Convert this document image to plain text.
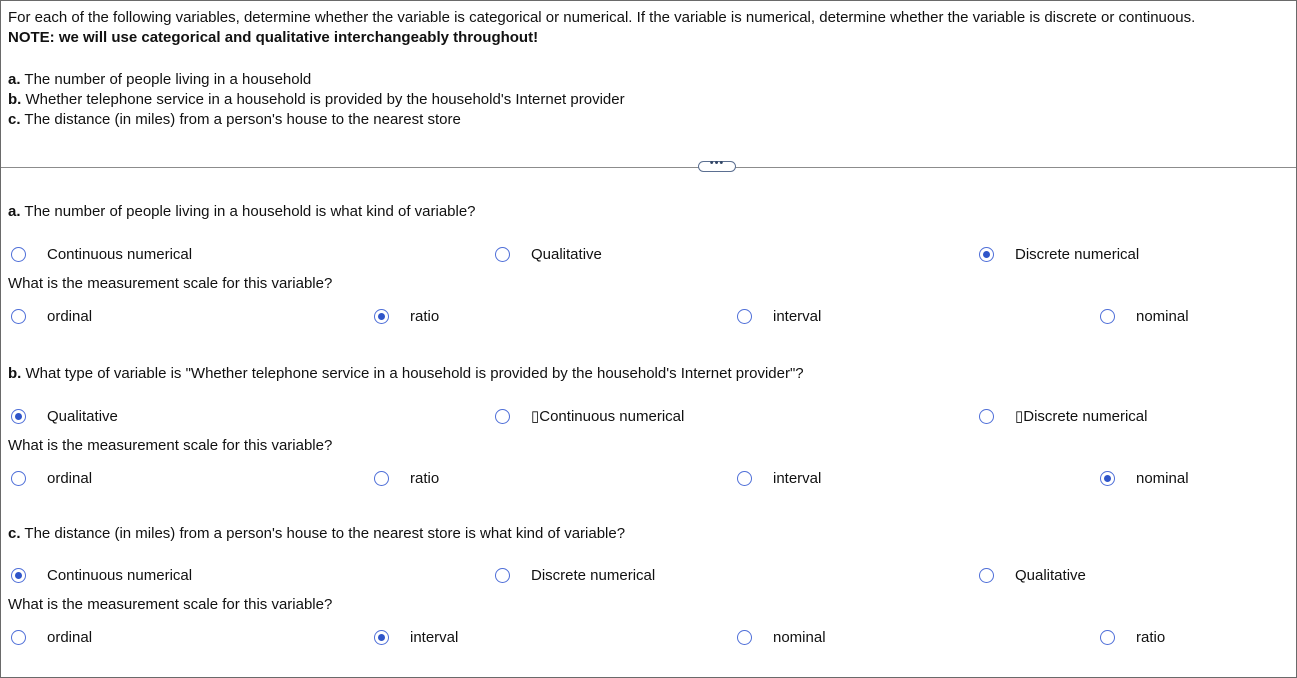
For each of the following variables, determine whether the variable is categorical or numerical. If the variable is numerical, determine whether the variable is discrete or continuous.
NOTE: we will use categorical and qualitative interchangeably throughout!
a. The number of people living in a household
b. Whether telephone service in a household is provided by the household's Internet provider
c. The distance (in miles) from a person's house to the nearest store
•••
a. The number of people living in a household is what kind of variable?
Continuous numerical	Qualitative	Discrete numerical
What is the measurement scale for this variable?
ordinal	ratio	interval	nominal
b. What type of variable is "Whether telephone service in a household is provided by the household's Internet provider"?
Qualitative	▯Continuous numerical	▯Discrete numerical
What is the measurement scale for this variable?
ordinal	ratio	interval	nominal
c. The distance (in miles) from a person's house to the nearest store is what kind of variable?
Continuous numerical	Discrete numerical	Qualitative
What is the measurement scale for this variable?
ordinal	interval	nominal	ratio
